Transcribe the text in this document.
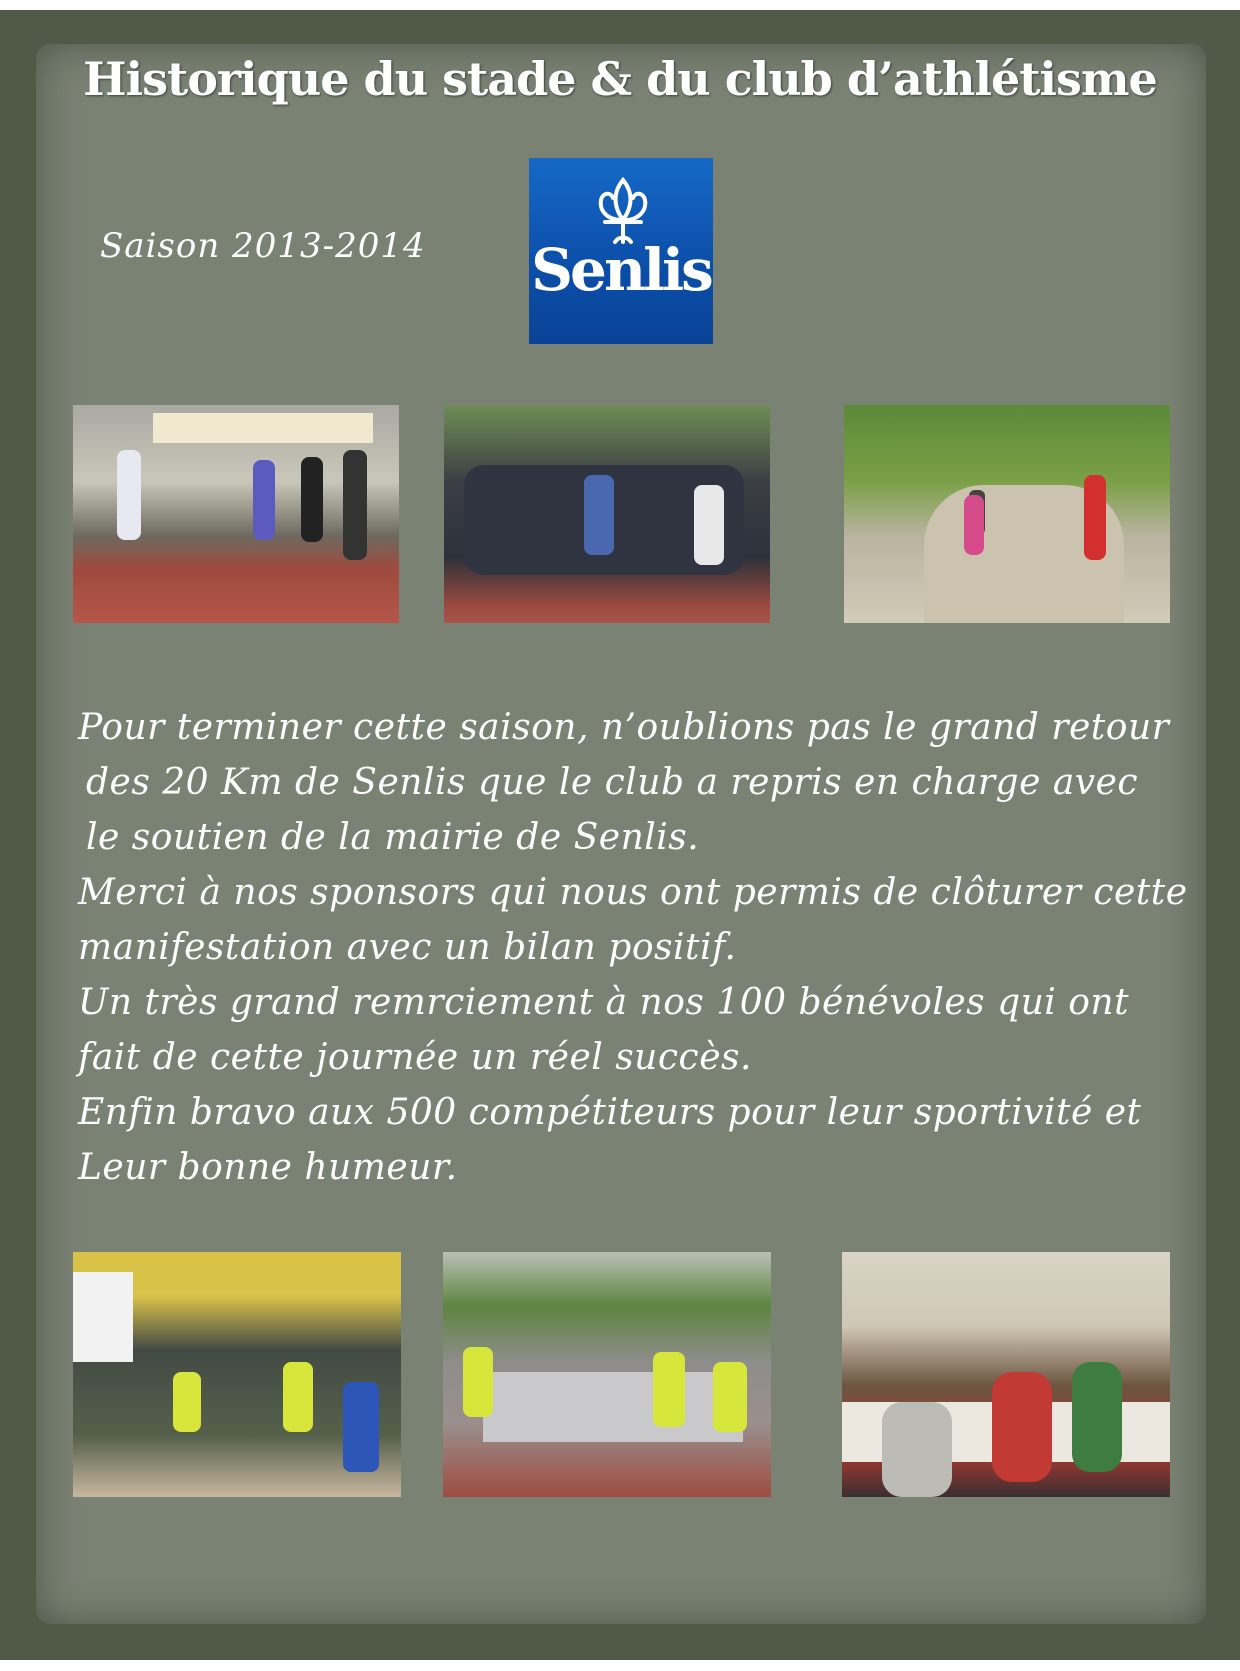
Historique du stade & du club d’athlétisme
Saison 2013-2014 Senlis
Pour terminer cette saison, n’oublions pas le grand retour
des 20 Km de Senlis que le club a repris en charge avec
le soutien de la mairie de Senlis.
Merci à nos sponsors qui nous ont permis de clôturer cette
manifestation avec un bilan positif.
Un très grand remrciement à nos 100 bénévoles qui ont
fait de cette journée un réel succès.
Enfin bravo aux 500 compétiteurs pour leur sportivité et
Leur bonne humeur.
